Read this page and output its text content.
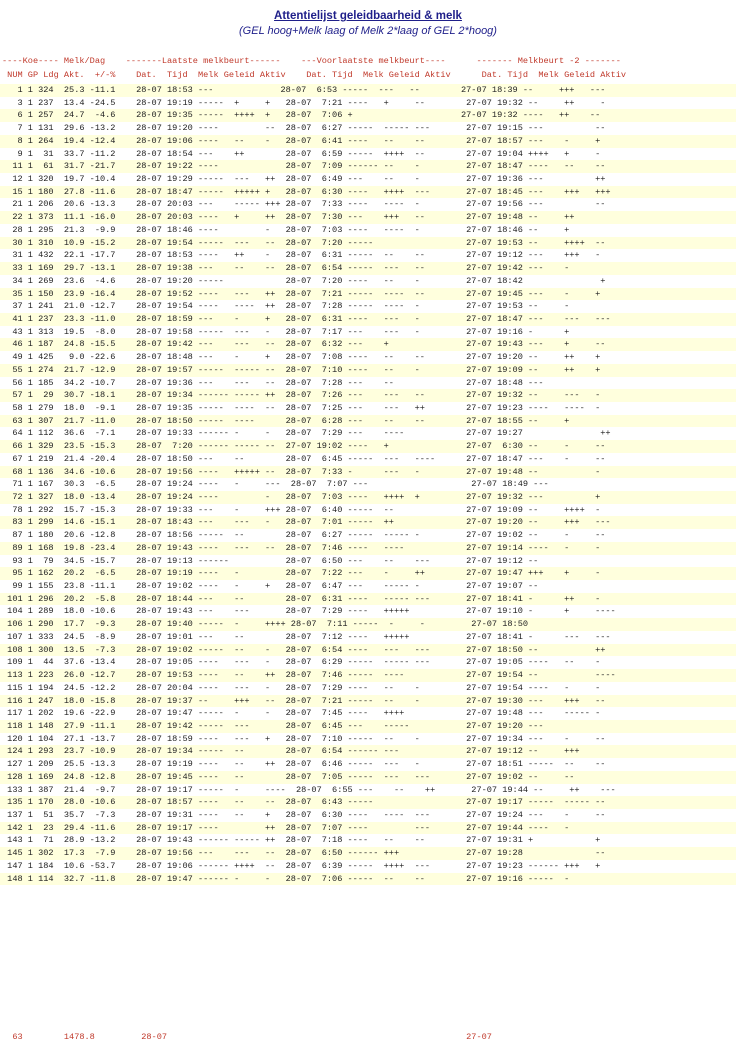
Attentielijst geleidbaarheid & melk
(GEL hoog+Melk laag of Melk 2*laag of GEL 2*hoog)
----Koe---- Melk/Dag    -------Laatste melkbeurt------    ---Voorlaatste melkbeurt----      ------- Melkbeurt -2 -------
NUM GP Ldg Akt.  +/-%    Dat.  Tijd  Melk Geleid Aktiv    Dat. Tijd  Melk Geleid Aktiv      Dat. Tijd  Melk Geleid Aktiv
1 1 324  25.3 -11.1    28-07 18:53 ---             28-07  6:53 -----  ---   --        27-07 18:39 --     +++   ---
3 1 237  13.4 -24.5    28-07 19:19 -----  +     +   28-07  7:21 ----   +     --        27-07 19:32 --     ++     -
6 1 257  24.7  -4.6    28-07 19:35 -----  ++++  +   28-07  7:06 +                     27-07 19:32 ----   ++    --
7 1 131  29.6 -13.2    28-07 19:20 ----         --  28-07  6:27 -----  ----- ---       27-07 19:15 ---          --
8 1 264  19.4 -12.4    28-07 19:06 ----   --    -   28-07  6:41 ----   --    --        27-07 18:57 ---    -     +
9 1  31  33.7 -11.2    28-07 18:54 ---    ++        28-07  6:59 -----  ++++  --        27-07 19:04 ++++   +     -
11 1  61  31.7 -21.7    28-07 19:22 ----             28-07  7:09 ------ --    -         27-07 18:47 ----   --    --
12 1 320  19.7 -10.4    28-07 19:29 -----  ---   ++  28-07  6:49 ---    --    -         27-07 19:36 ---          ++
15 1 180  27.8 -11.6    28-07 18:47 -----  +++++ +   28-07  6:30 ----   ++++  ---       27-07 18:45 ---    +++   +++
21 1 206  20.6 -13.3    28-07 20:03 ---    ----- +++ 28-07  7:33 ----   ----  -         27-07 19:56 ---          --
22 1 373  11.1 -16.0    28-07 20:03 ----   +     ++  28-07  7:30 ---    +++   --        27-07 19:48 --     ++
28 1 295  21.3  -9.9    28-07 18:46 ----         -   28-07  7:03 ----   ----  -         27-07 18:46 --     +
30 1 310  10.9 -15.2    28-07 19:54 -----  ---   --  28-07  7:20 -----                  27-07 19:53 --     ++++  --
31 1 432  22.1 -17.7    28-07 18:53 ----   ++    -   28-07  6:31 -----  --    --        27-07 19:12 ---    +++   -
33 1 169  29.7 -13.1    28-07 19:38 ---    --    --  28-07  6:54 -----  ---   --        27-07 19:42 ---    -
34 1 269  23.6  -4.6    28-07 19:20 -----            28-07  7:20 ----   --    -         27-07 18:42               +
35 1 150  23.9 -16.4    28-07 19:52 ----   ---   ++  28-07  7:21 -----  ----  --        27-07 19:45 ---    -     +
37 1 241  21.0 -12.7    28-07 19:54 ----   ----  ++  28-07  7:28 -----  ----  -         27-07 19:53 --     -
41 1 237  23.3 -11.0    28-07 18:59 ---    -     +   28-07  6:31 ----   ---   -         27-07 18:47 ---    ---   ---
43 1 313  19.5  -8.0    28-07 19:58 -----  ---   -   28-07  7:17 ---    ---   -         27-07 19:16 -      +
46 1 187  24.8 -15.5    28-07 19:42 ---    ---   --  28-07  6:32 ---    +               27-07 19:43 ---    +     --
49 1 425   9.0 -22.6    28-07 18:48 ---    -     +   28-07  7:08 ----   --    --        27-07 19:20 --     ++    +
55 1 274  21.7 -12.9    28-07 19:57 -----  ----- --  28-07  7:10 ----   --    -         27-07 19:09 --     ++    +
56 1 185  34.2 -10.7    28-07 19:36 ---    ---   --  28-07  7:28 ---    --              27-07 18:48 ---
57 1  29  30.7 -18.1    28-07 19:34 ------ ----- ++  28-07  7:26 ---    ---   --        27-07 19:32 --     ---   -
58 1 279  18.0  -9.1    28-07 19:35 -----  ----  --  28-07  7:25 ---    ---   ++        27-07 19:23 ----   ----  -
63 1 307  21.7 -11.0    28-07 18:50 -----  ----      28-07  6:28 ---    --    --        27-07 18:55 --     +
64 1 112  36.6  -7.1    28-07 19:33 ------ -     -   28-07  7:29 ---    ----            27-07 19:27               ++
66 1 329  23.5 -15.3    28-07  7:20 ------ ----- --  27-07 19:02 ----   +               27-07  6:30 --     -     --
67 1 219  21.4 -20.4    28-07 18:50 ---    --        28-07  6:45 -----  ---   ----      27-07 18:47 ---    -     --
68 1 136  34.6 -10.6    28-07 19:56 ----   +++++ --  28-07  7:33 -      ---   -         27-07 19:48 --           -
71 1 167  30.3  -6.5    28-07 19:24 ----   -     ---  28-07  7:07 ---                    27-07 18:49 ---
72 1 327  18.0 -13.4    28-07 19:24 ----         -   28-07  7:03 ----   ++++  +         27-07 19:32 ---          +
78 1 292  15.7 -15.3    28-07 19:33 ---    -     +++ 28-07  6:40 -----  --              27-07 19:09 --     ++++  -
83 1 299  14.6 -15.1    28-07 18:43 ---    ---   -   28-07  7:01 -----  ++              27-07 19:20 --     +++   ---
87 1 180  20.6 -12.8    28-07 18:56 -----  --        28-07  6:27 -----  ----- -         27-07 19:02 --     -     --
89 1 168  19.8 -23.4    28-07 19:43 ----   ---   --  28-07  7:46 ----   ----            27-07 19:14 ----   -     -
93 1  79  34.5 -15.7    28-07 19:13 ------           28-07  6:50 ---    --    ---       27-07 19:12 --
95 1 162  20.2  -6.5    28-07 19:19 ----   -         28-07  7:22 ---    -     ++        27-07 19:47 +++    +     -
99 1 155  23.8 -11.1    28-07 19:02 ----   -     +   28-07  6:47 ---    ----- -         27-07 19:07 --
101 1 296  20.2  -5.8    28-07 18:44 ---    --        28-07  6:31 ----   ----- ---       27-07 18:41 -      ++    -
104 1 289  18.0 -10.6    28-07 19:43 ---    ---       28-07  7:29 ----   +++++           27-07 19:10 -      +     ----
106 1 290  17.7  -9.3    28-07 19:40 -----  -     ++++ 28-07  7:11 -----  -     -         27-07 18:50
107 1 333  24.5  -8.9    28-07 19:01 ---    --        28-07  7:12 ----   +++++           27-07 18:41 -      ---   ---
108 1 300  13.5  -7.3    28-07 19:02 -----  --    -   28-07  6:54 ----   ---   ---       27-07 18:50 --           ++
109 1  44  37.6 -13.4    28-07 19:05 ----   ---   -   28-07  6:29 -----  ----- ---       27-07 19:05 ----   --    -
113 1 223  26.0 -12.7    28-07 19:53 ----   --    ++  28-07  7:46 -----  ----            27-07 19:54 --           ----
115 1 194  24.5 -12.2    28-07 20:04 ----   ---   -   28-07  7:29 ----   --    -         27-07 19:54 ----   -     -
116 1 247  18.0 -15.8    28-07 19:37 --     +++   --  28-07  7:21 -----  --    -         27-07 19:30 ---    +++   --
117 1 202  19.6 -22.9    28-07 19:47 -----  -     -   28-07  7:45 ----   ++++            27-07 19:48 ---    ----- -
118 1 148  27.9 -11.1    28-07 19:42 -----  ---       28-07  6:45 ---    -----           27-07 19:20 ---
120 1 104  27.1 -13.7    28-07 18:59 ----   ---   +   28-07  7:10 -----  --    -         27-07 19:34 ---    -     --
124 1 293  23.7 -10.9    28-07 19:34 -----  --        28-07  6:54 ------ ---             27-07 19:12 --     +++
127 1 209  25.5 -13.3    28-07 19:19 ----   --    ++  28-07  6:46 -----  ---   -         27-07 18:51 -----  --    --
128 1 169  24.8 -12.8    28-07 19:45 ----   --        28-07  7:05 -----  ---   ---       27-07 19:02 --     --
133 1 387  21.4  -9.7    28-07 19:17 -----  -     ----  28-07  6:55 ---    --    ++       27-07 19:44 --     ++    ---
135 1 170  28.0 -10.6    28-07 18:57 ----   --    --  28-07  6:43 -----                  27-07 19:17 -----  ----- --
137 1  51  35.7  -7.3    28-07 19:31 ----   --    +   28-07  6:30 ----   ----  ---       27-07 19:24 ---    -     --
142 1  23  29.4 -11.6    28-07 19:17 ----         ++  28-07  7:07 ----         ---       27-07 19:44 ----   -
143 1  71  28.9 -13.2    28-07 19:43 ------ ----- ++  28-07  7:18 ----   --    --        27-07 19:31 +            +
145 1 302  17.3  -7.9    28-07 19:56 ---    ---   --  28-07  6:50 ------ +++             27-07 19:28              --
147 1 184  10.6 -53.7    28-07 19:06 ------ ++++  --  28-07  6:39 -----  ++++  ---       27-07 19:23 ------ +++   +
148 1 114  32.7 -11.8    28-07 19:47 ------ -     -   28-07  7:06 -----  --    --        27-07 19:16 -----  -
63        1478.8         28-07                                                          27-07
